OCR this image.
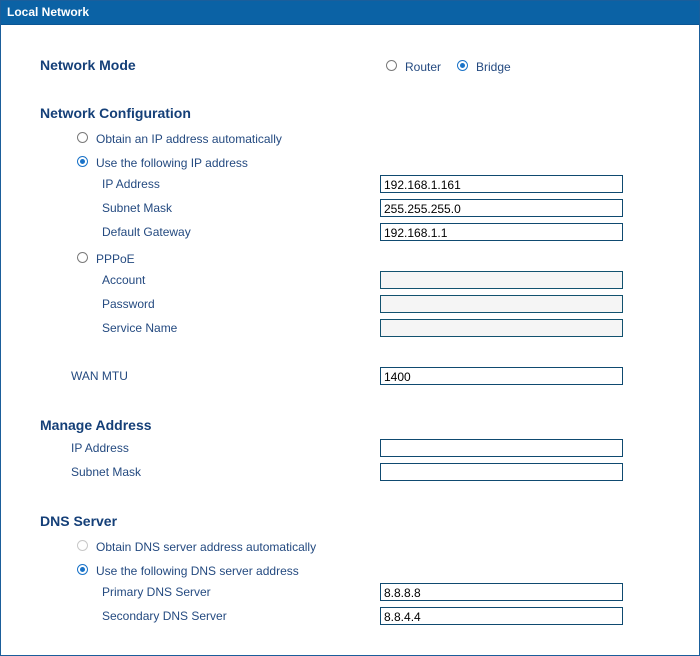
Local Network
Network Mode	Router	Bridge
Network Configuration
Obtain an IP address automatically
Use the following IP address
IP Address
192.168.1.161
Subnet Mask
255.255.255.0
Default Gateway
192.168.1.1
PPPoE
Account
Password
Service Name
WAN MTU
1400
Manage Address
IP Address
Subnet Mask
DNS Server
Obtain DNS server address automatically
Use the following DNS server address
Primary DNS Server
8.8.8.8
Secondary DNS Server
8.8.4.4
